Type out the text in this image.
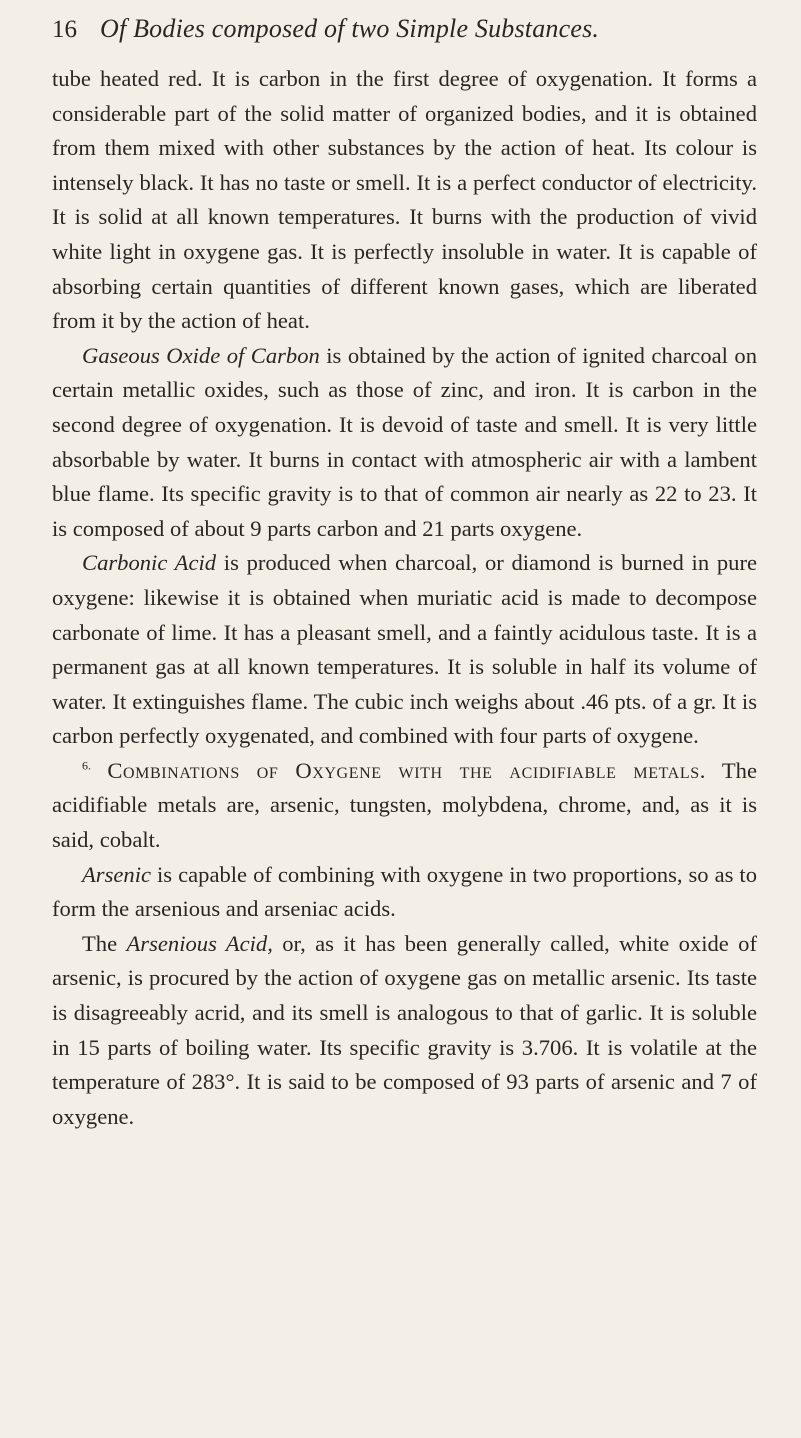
16 Of Bodies composed of two Simple Substances.

tube heated red. It is carbon in the first degree of oxygenation. It forms a considerable part of the solid matter of organized bodies, and it is obtained from them mixed with other substances by the action of heat. Its colour is intensely black. It has no taste or smell. It is a perfect conductor of electricity. It is solid at all known temperatures. It burns with the production of vivid white light in oxygene gas. It is perfectly insoluble in water. It is capable of absorbing certain quantities of different known gases, which are liberated from it by the action of heat.

Gaseous Oxide of Carbon is obtained by the action of ignited charcoal on certain metallic oxides, such as those of zinc, and iron. It is carbon in the second degree of oxygenation. It is devoid of taste and smell. It is very little absorbable by water. It burns in contact with atmospheric air with a lambent blue flame. Its specific gravity is to that of common air nearly as 22 to 23. It is composed of about 9 parts carbon and 21 parts oxygene.

Carbonic Acid is produced when charcoal, or diamond is burned in pure oxygene: likewise it is obtained when muriatic acid is made to decompose carbonate of lime. It has a pleasant smell, and a faintly acidulous taste. It is a permanent gas at all known temperatures. It is soluble in half its volume of water. It extinguishes flame. The cubic inch weighs about .46 pts. of a gr. It is carbon perfectly oxygenated, and combined with four parts of oxygene.

$^{6.}$ Combinations of Oxygene with the acidifiable metals. The acidifiable metals are, arsenic, tungsten, molybdena, chrome, and, as it is said, cobalt.

Arsenic is capable of combining with oxygene in two proportions, so as to form the arsenious and arseniac acids.

The Arsenious Acid, or, as it has been generally called, white oxide of arsenic, is procured by the action of oxygene gas on metallic arsenic. Its taste is disagreeably acrid, and its smell is analogous to that of garlic. It is soluble in 15 parts of boiling water. Its specific gravity is 3.706. It is volatile at the temperature of 283°. It is said to be composed of 93 parts of arsenic and 7 of oxygene.
